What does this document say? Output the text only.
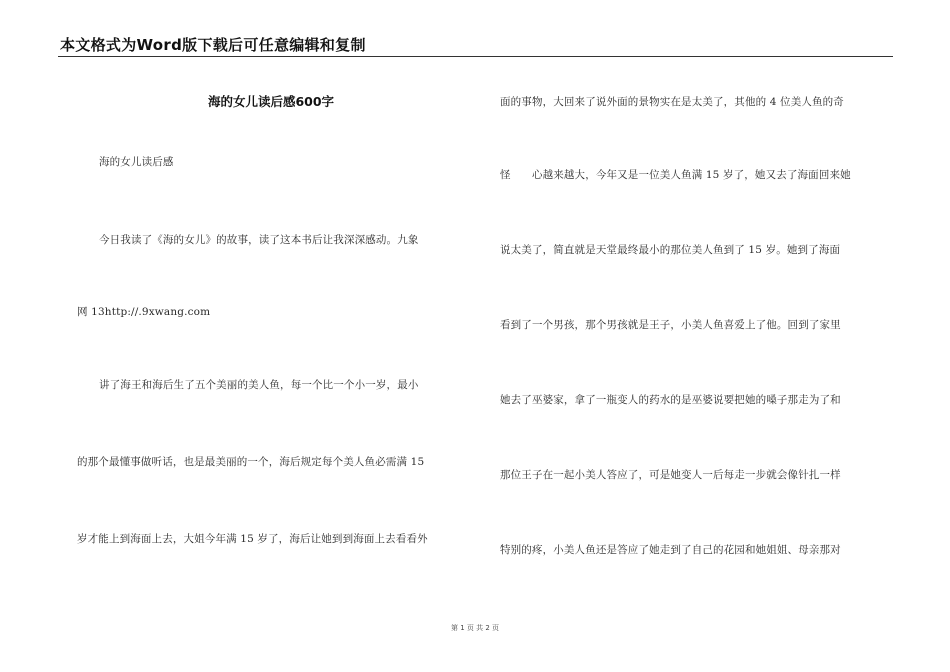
本文格式为Word版下载后可任意编辑和复制
海的女儿读后感600字
海的女儿读后感
今日我读了《海的女儿》的故事，读了这本书后让我深深感动。九象
网 13http://.9xwang.com
讲了海王和海后生了五个美丽的美人鱼，每一个比一个小一岁，最小
的那个最懂事做听话，也是最美丽的一个，海后规定每个美人鱼必需满 15
岁才能上到海面上去，大姐今年满 15 岁了，海后让她到到海面上去看看外
面的事物，大回来了说外面的景物实在是太美了，其他的 4 位美人鱼的奇
怪　　心越来越大，今年又是一位美人鱼满 15 岁了，她又去了海面回来她
说太美了，简直就是天堂最终最小的那位美人鱼到了 15 岁。她到了海面
看到了一个男孩，那个男孩就是王子，小美人鱼喜爱上了他。回到了家里
她去了巫婆家，拿了一瓶变人的药水的是巫婆说要把她的嗓子那走为了和
那位王子在一起小美人答应了，可是她变人一后每走一步就会像针扎一样
特别的疼，小美人鱼还是答应了她走到了自己的花园和她姐姐、母亲那对
第 1 页 共 2 页
